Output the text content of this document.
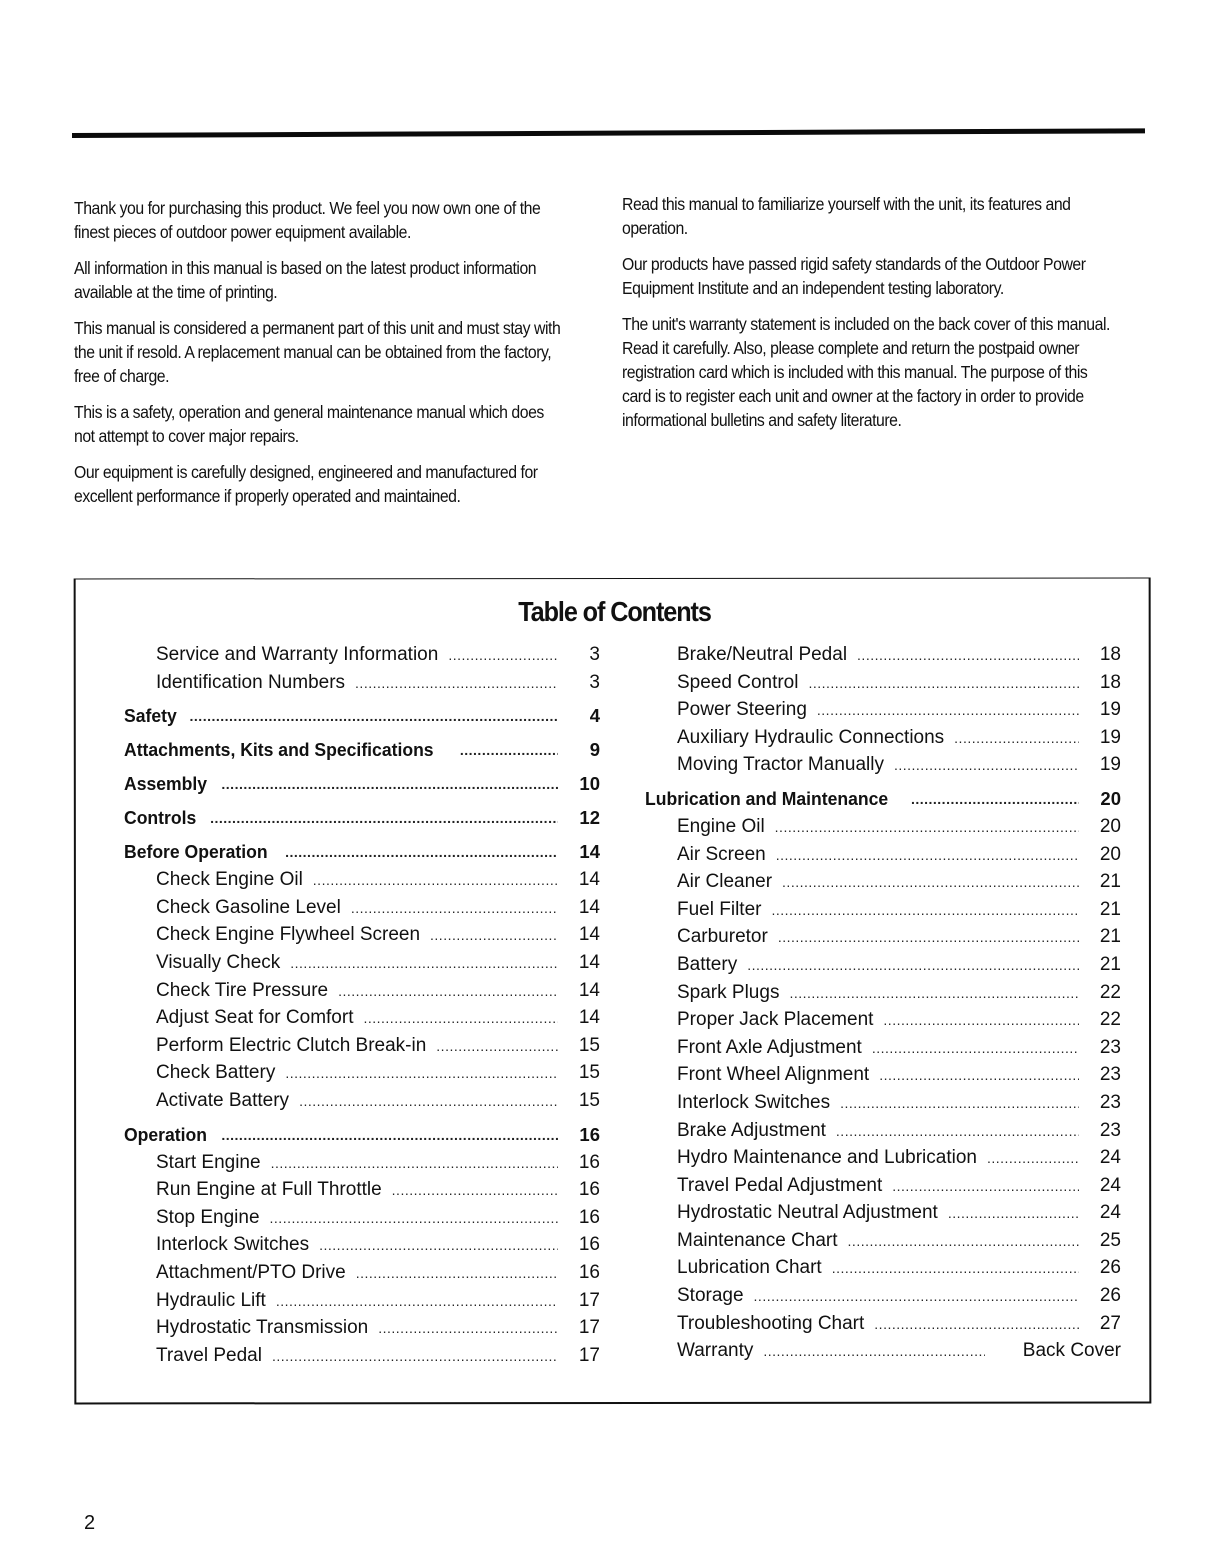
Thank you for purchasing this product. We feel you now own one of the finest pieces of outdoor power equipment available.

All information in this manual is based on the latest product information available at the time of printing.

This manual is considered a permanent part of this unit and must stay with the unit if resold. A replacement manual can be obtained from the factory, free of charge.

This is a safety, operation and general maintenance manual which does not attempt to cover major repairs.

Our equipment is carefully designed, engineered and manufactured for excellent performance if properly operated and maintained.

Read this manual to familiarize yourself with the unit, its features and operation.

Our products have passed rigid safety standards of the Outdoor Power Equipment Institute and an independent testing laboratory.

The unit's warranty statement is included on the back cover of this manual. Read it carefully. Also, please complete and return the postpaid owner registration card which is included with this manual. The purpose of this card is to register each unit and owner at the factory in order to provide informational bulletins and safety literature.

Table of Contents
Service and Warranty Information .....	3
Identification Numbers .....	3
Safety .....	4
Attachments, Kits and Specifications .....	9
Assembly .....	10
Controls .....	12
Before Operation .....	14
Check Engine Oil .....	14
Check Gasoline Level .....	14
Check Engine Flywheel Screen .....	14
Visually Check .....	14
Check Tire Pressure .....	14
Adjust Seat for Comfort .....	14
Perform Electric Clutch Break-in .....	15
Check Battery .....	15
Activate Battery .....	15
Operation .....	16
Start Engine .....	16
Run Engine at Full Throttle .....	16
Stop Engine .....	16
Interlock Switches .....	16
Attachment/PTO Drive .....	16
Hydraulic Lift .....	17
Hydrostatic Transmission .....	17
Travel Pedal .....	17
Brake/Neutral Pedal .....	18
Speed Control .....	18
Power Steering .....	19
Auxiliary Hydraulic Connections .....	19
Moving Tractor Manually .....	19
Lubrication and Maintenance .....	20
Engine Oil .....	20
Air Screen .....	20
Air Cleaner .....	21
Fuel Filter .....	21
Carburetor .....	21
Battery .....	21
Spark Plugs .....	22
Proper Jack Placement .....	22
Front Axle Adjustment .....	23
Front Wheel Alignment .....	23
Interlock Switches .....	23
Brake Adjustment .....	23
Hydro Maintenance and Lubrication .....	24
Travel Pedal Adjustment .....	24
Hydrostatic Neutral Adjustment .....	24
Maintenance Chart .....	25
Lubrication Chart .....	26
Storage .....	26
Troubleshooting Chart .....	27
Warranty .....	Back Cover
2
